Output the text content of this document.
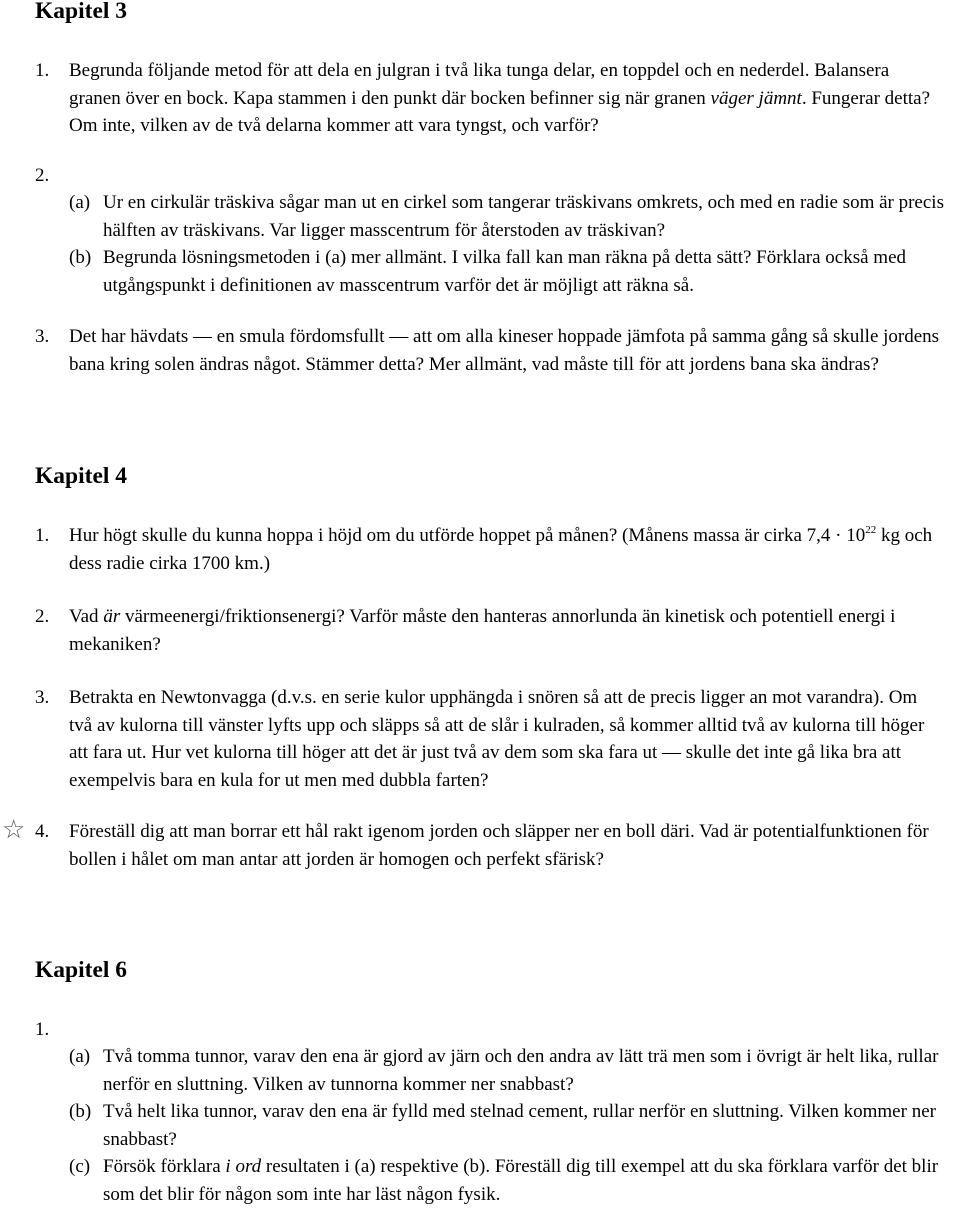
Kapitel 3
1. Begrunda följande metod för att dela en julgran i två lika tunga delar, en toppdel och en nederdel. Balansera granen över en bock. Kapa stammen i den punkt där bocken befinner sig när granen väger jämnt. Fungerar detta? Om inte, vilken av de två delarna kommer att vara tyngst, och varför?
2.
(a) Ur en cirkulär träskiva sågar man ut en cirkel som tangerar träskivans omkrets, och med en radie som är precis hälften av träskivans. Var ligger masscentrum för återstoden av träskivan?
(b) Begrunda lösningsmetoden i (a) mer allmänt. I vilka fall kan man räkna på detta sätt? Förklara också med utgångspunkt i definitionen av masscentrum varför det är möjligt att räkna så.
3. Det har hävdats — en smula fördomsfullt — att om alla kineser hoppade jämfota på samma gång så skulle jordens bana kring solen ändras något. Stämmer detta? Mer allmänt, vad måste till för att jordens bana ska ändras?
Kapitel 4
1. Hur högt skulle du kunna hoppa i höjd om du utförde hoppet på månen? (Månens massa är cirka $7,4 \cdot 10^{22}$ kg och dess radie cirka 1700 km.)
2. Vad är värmeenergi/friktionsenergi? Varför måste den hanteras annorlunda än kinetisk och potentiell energi i mekaniken?
3. Betrakta en Newtonvagga (d.v.s. en serie kulor upphängda i snören så att de precis ligger an mot varandra). Om två av kulorna till vänster lyfts upp och släpps så att de slår i kulraden, så kommer alltid två av kulorna till höger att fara ut. Hur vet kulorna till höger att det är just två av dem som ska fara ut — skulle det inte gå lika bra att exempelvis bara en kula for ut men med dubbla farten?
☆ 4. Föreställ dig att man borrar ett hål rakt igenom jorden och släpper ner en boll däri. Vad är potentialfunktionen för bollen i hålet om man antar att jorden är homogen och perfekt sfärisk?
Kapitel 6
1.
(a) Två tomma tunnor, varav den ena är gjord av järn och den andra av lätt trä men som i övrigt är helt lika, rullar nerför en sluttning. Vilken av tunnorna kommer ner snabbast?
(b) Två helt lika tunnor, varav den ena är fylld med stelnad cement, rullar nerför en sluttning. Vilken kommer ner snabbast?
(c) Försök förklara i ord resultaten i (a) respektive (b). Föreställ dig till exempel att du ska förklara varför det blir som det blir för någon som inte har läst någon fysik.
